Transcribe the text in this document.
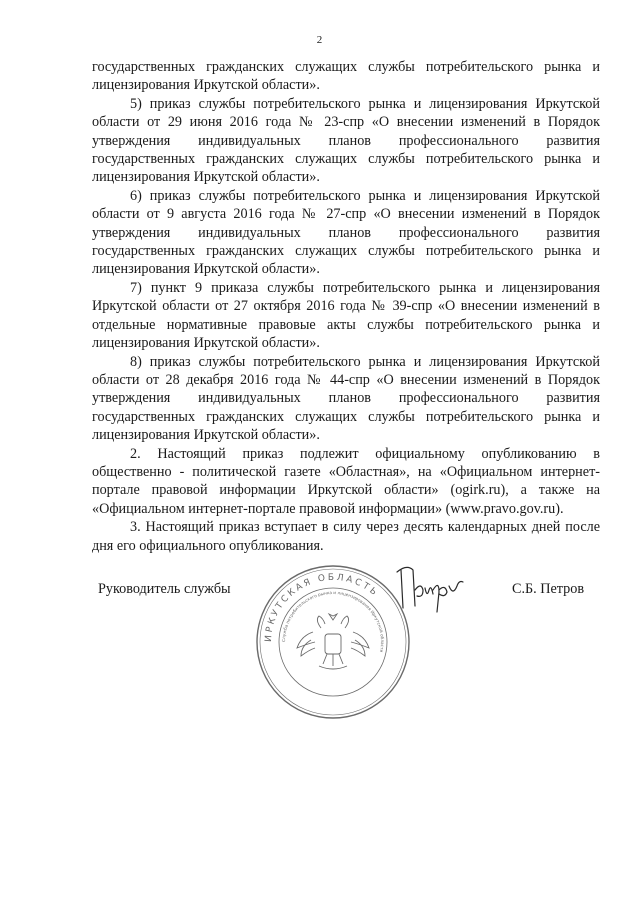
2

государственных гражданских служащих службы потребительского рынка и лицензирования Иркутской области».

5) приказ службы потребительского рынка и лицензирования Иркутской области от 29 июня 2016 года № 23-спр «О внесении изменений в Порядок утверждения индивидуальных планов профессионального развития государственных гражданских служащих службы потребительского рынка и лицензирования Иркутской области».

6) приказ службы потребительского рынка и лицензирования Иркутской области от 9 августа 2016 года № 27-спр «О внесении изменений в Порядок утверждения индивидуальных планов профессионального развития государственных гражданских служащих службы потребительского рынка и лицензирования Иркутской области».

7) пункт 9 приказа службы потребительского рынка и лицензирования Иркутской области от 27 октября 2016 года № 39-спр «О внесении изменений в отдельные нормативные правовые акты службы потребительского рынка и лицензирования Иркутской области».

8) приказ службы потребительского рынка и лицензирования Иркутской области от 28 декабря 2016 года № 44-спр «О внесении изменений в Порядок утверждения индивидуальных планов профессионального развития государственных гражданских служащих службы потребительского рынка и лицензирования Иркутской области».

2. Настоящий приказ подлежит официальному опубликованию в общественно - политической газете «Областная», на «Официальном интернет-портале правовой информации Иркутской области» (ogirk.ru), а также на «Официальном интернет-портале правовой информации» (www.pravo.gov.ru).

3. Настоящий приказ вступает в силу через десять календарных дней после дня его официального опубликования.

Руководитель службы	С.Б. Петров
ИРКУТСКАЯ ОБЛАСТЬ
Служба потребительского рынка и лицензирования Иркутской области
